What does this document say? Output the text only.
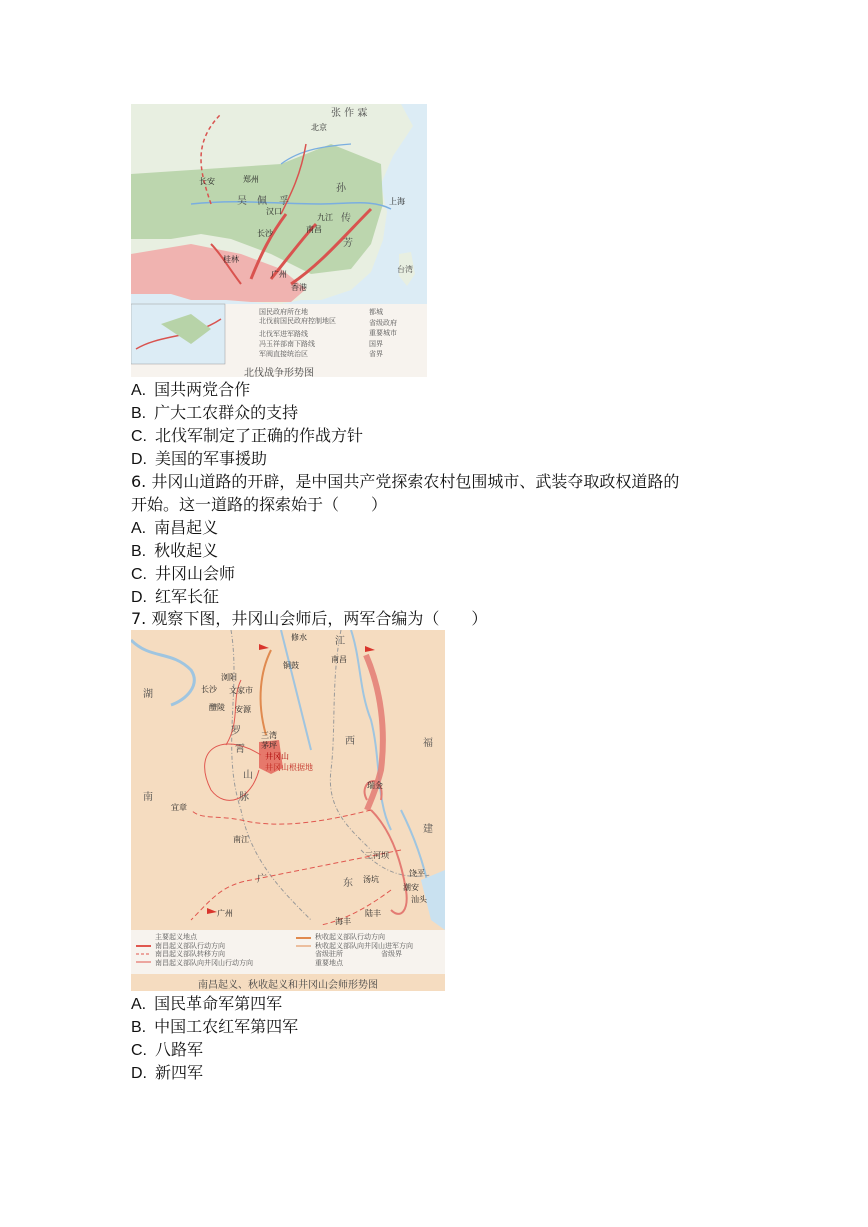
北京
张 作 霖
长安	郑州
吴 佩 孚
汉口
孙
传
芳
南昌
九江
上海
长沙
桂林
广州
香港
台湾
国民政府所在地
北伐前国民政府控制地区
北伐军进军路线
冯玉祥部南下路线
军阀直接统治区
都城
省级政府
重要城市
国界
省界
北伐战争形势图
A. 国共两党合作
B. 广大工农群众的支持
C. 北伐军制定了正确的作战方针
D. 美国的军事援助
6. 井冈山道路的开辟，是中国共产党探索农村包围城市、武装夺取政权道路的
开始。这一道路的探索始于（　　）
A. 南昌起义
B. 秋收起义
C. 井冈山会师
D. 红军长征
7. 观察下图，井冈山会师后，两军合编为（　　）
修水
铜鼓
南昌
江
浏阳
长沙 文家市
湖
醴陵 安源
罗
霄
三湾
茅坪
井冈山
井冈山根据地
山
脉
西	福
瑞金
南
宜章
建
南江
三河坝
饶平
广	东 汤坑
潮安
汕头
广州
海丰
陆丰
主要起义地点
南昌起义部队行动方向
南昌起义部队转移方向
南昌起义部队向井冈山行动方向
秋收起义部队行动方向
秋收起义部队向井冈山进军方向
省级驻所
重要地点
省级界
南昌起义、秋收起义和井冈山会师形势图
A. 国民革命军第四军
B. 中国工农红军第四军
C. 八路军
D. 新四军
